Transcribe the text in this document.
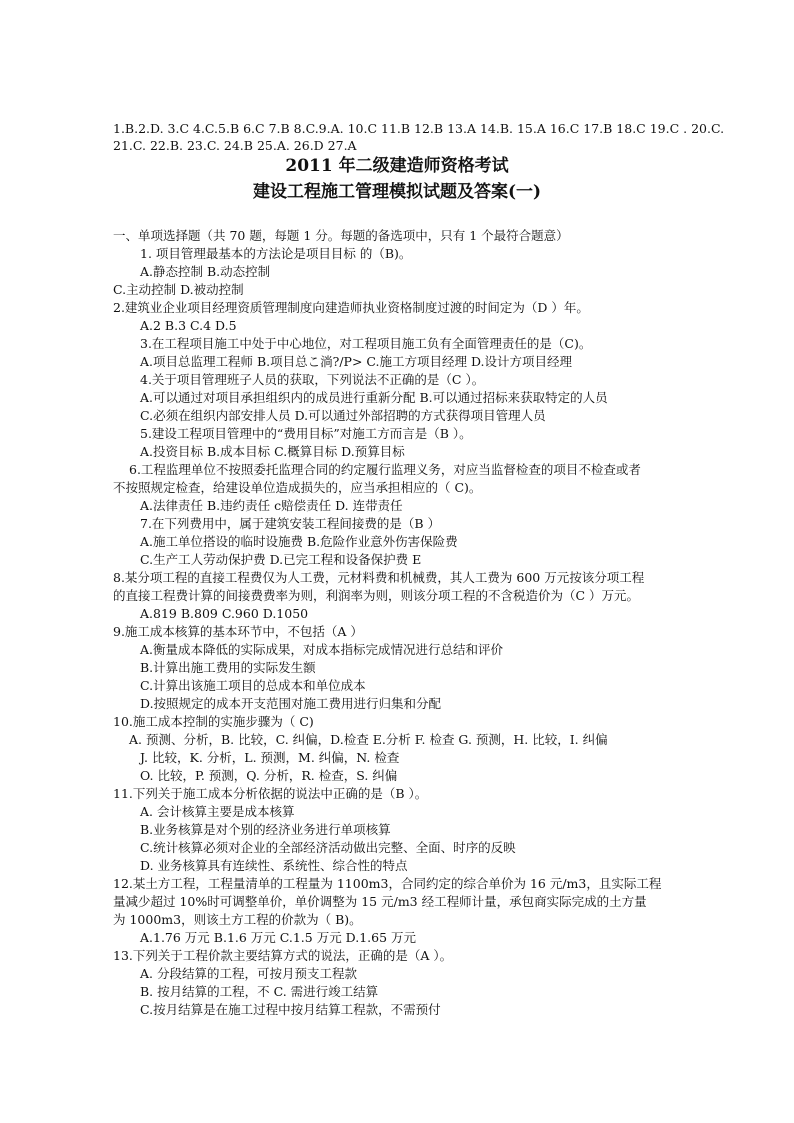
1.B.2.D. 3.C 4.C.5.B 6.C 7.B 8.C.9.A. 10.C 11.B 12.B 13.A 14.B. 15.A 16.C 17.B 18.C 19.C . 20.C.
21.C. 22.B. 23.C. 24.B 25.A. 26.D 27.A
2011 年二级建造师资格考试
建设工程施工管理模拟试题及答案(一)
一、单项选择题（共 70 题，每题 1 分。每题的备选项中，只有 1 个最符合题意）
1. 项目管理最基本的方法论是项目目标 的（B)。
A.静态控制 B.动态控制
C.主动控制 D.被动控制
2.建筑业企业项目经理资质管理制度向建造师执业资格制度过渡的时间定为（D ）年。
A.2 B.3 C.4 D.5
3.在工程项目施工中处于中心地位，对工程项目施工负有全面管理责任的是（C)。
A.项目总监理工程师 B.项目总こ淌?/P> C.施工方项目经理 D.设计方项目经理
4.关于项目管理班子人员的获取，下列说法不正确的是（C ）。
A.可以通过对项目承担组织内的成员进行重新分配 B.可以通过招标来获取特定的人员
C.必须在组织内部安排人员 D.可以通过外部招聘的方式获得项目管理人员
5.建设工程项目管理中的“费用目标”对施工方而言是（B ）。
A.投资目标 B.成本目标 C.概算目标 D.预算目标
6.工程监理单位不按照委托监理合同的约定履行监理义务，对应当监督检查的项目不检查或者
不按照规定检查，给建设单位造成损失的，应当承担相应的（ C)。
A.法律责任 B.违约责任 c赔偿责任 D. 连带责任
7.在下列费用中，属于建筑安装工程间接费的是（B ）
A.施工单位搭设的临时设施费 B.危险作业意外伤害保险费
C.生产工人劳动保护费 D.已完工程和设备保护费 E
8.某分项工程的直接工程费仅为人工费，元材料费和机械费，其人工费为 600 万元按该分项工程
的直接工程费计算的间接费费率为则，利润率为则，则该分项工程的不含税造价为（C ）万元。
A.819 B.809 C.960 D.1050
9.施工成本核算的基本环节中，不包括（A ）
A.衡量成本降低的实际成果，对成本指标完成情况进行总结和评价
B.计算出施工费用的实际发生额
C.计算出该施工项目的总成本和单位成本
D.按照规定的成本开支范围对施工费用进行归集和分配
10.施工成本控制的实施步骤为（ C)
A. 预测、分析，B. 比较，C. 纠偏，D.检查 E.分析 F. 检查 G. 预测，H. 比较，I. 纠偏
J. 比较，K. 分析，L. 预测，M. 纠偏，N. 检查
O. 比较，P. 预测，Q. 分析，R. 检查，S. 纠偏
11.下列关于施工成本分析依据的说法中正确的是（B ）。
A. 会计核算主要是成本核算
B.业务核算是对个别的经济业务进行单项核算
C.统计核算必须对企业的全部经济活动做出完整、全面、时序的反映
D. 业务核算具有连续性、系统性、综合性的特点
12.某土方工程，工程量清单的工程量为 1100m3，合同约定的综合单价为 16 元/m3，且实际工程
量减少超过 10%时可调整单价，单价调整为 15 元/m3 经工程师计量，承包商实际完成的土方量
为 1000m3，则该土方工程的价款为（ B)。
A.1.76 万元 B.1.6 万元 C.1.5 万元 D.1.65 万元
13.下列关于工程价款主要结算方式的说法，正确的是（A ）。
A. 分段结算的工程，可按月预支工程款
B. 按月结算的工程，不 C. 需进行竣工结算
C.按月结算是在施工过程中按月结算工程款，不需预付
